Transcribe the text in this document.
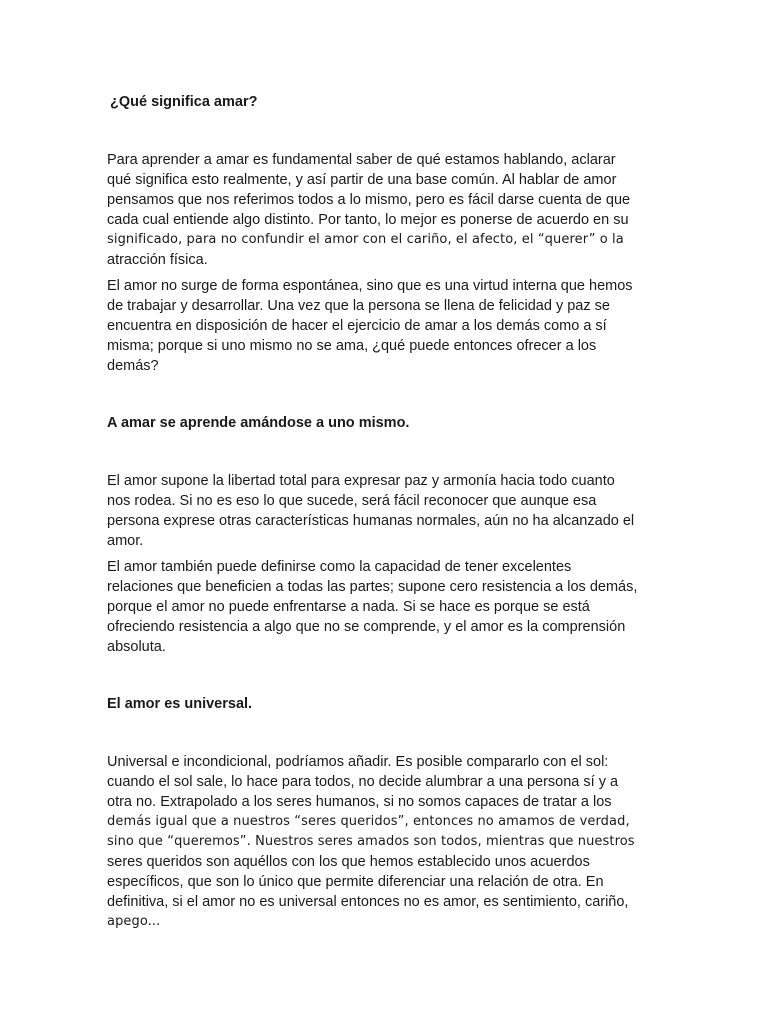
¿Qué significa amar?
Para aprender a amar es fundamental saber de qué estamos hablando, aclarar
qué significa esto realmente, y así partir de una base común. Al hablar de amor
pensamos que nos referimos todos a lo mismo, pero es fácil darse cuenta de que
cada cual entiende algo distinto. Por tanto, lo mejor es ponerse de acuerdo en su
significado, para no confundir el amor con el cariño, el afecto, el “querer” o la
atracción física.
El amor no surge de forma espontánea, sino que es una virtud interna que hemos
de trabajar y desarrollar. Una vez que la persona se llena de felicidad y paz se
encuentra en disposición de hacer el ejercicio de amar a los demás como a sí
misma; porque si uno mismo no se ama, ¿qué puede entonces ofrecer a los
demás?
A amar se aprende amándose a uno mismo.
El amor supone la libertad total para expresar paz y armonía hacia todo cuanto
nos rodea. Si no es eso lo que sucede, será fácil reconocer que aunque esa
persona exprese otras características humanas normales, aún no ha alcanzado el
amor.
El amor también puede definirse como la capacidad de tener excelentes
relaciones que beneficien a todas las partes; supone cero resistencia a los demás,
porque el amor no puede enfrentarse a nada. Si se hace es porque se está
ofreciendo resistencia a algo que no se comprende, y el amor es la comprensión
absoluta.
El amor es universal.
Universal e incondicional, podríamos añadir. Es posible compararlo con el sol:
cuando el sol sale, lo hace para todos, no decide alumbrar a una persona sí y a
otra no. Extrapolado a los seres humanos, si no somos capaces de tratar a los
demás igual que a nuestros “seres queridos”, entonces no amamos de verdad,
sino que “queremos”. Nuestros seres amados son todos, mientras que nuestros
seres queridos son aquéllos con los que hemos establecido unos acuerdos
específicos, que son lo único que permite diferenciar una relación de otra. En
definitiva, si el amor no es universal entonces no es amor, es sentimiento, cariño,
apego...
